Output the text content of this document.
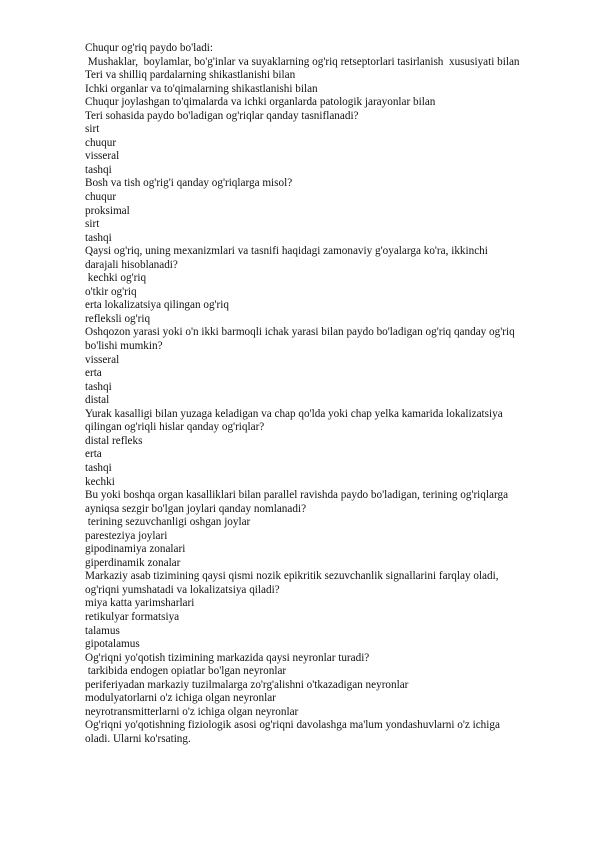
Chuqur og'riq paydo bo'ladi:
Mushaklar,  boylamlar, bo'g'inlar va suyaklarning og'riq retseptorlari tasirlanish  xususiyati bilan
Teri va shilliq pardalarning shikastlanishi bilan
Ichki organlar va to'qimalarning shikastlanishi bilan
Chuqur joylashgan to'qimalarda va ichki organlarda patologik jarayonlar bilan
Teri sohasida paydo bo'ladigan og'riqlar qanday tasniflanadi?
sirt
chuqur
visseral
tashqi
Bosh va tish og'rig'i qanday og'riqlarga misol?
chuqur
proksimal
sirt
tashqi
Qaysi og'riq, uning mexanizmlari va tasnifi haqidagi zamonaviy g'oyalarga ko'ra, ikkinchi
darajali hisoblanadi?
kechki og'riq
o'tkir og'riq
erta lokalizatsiya qilingan og'riq
refleksli og'riq
Oshqozon yarasi yoki o'n ikki barmoqli ichak yarasi bilan paydo bo'ladigan og'riq qanday og'riq
bo'lishi mumkin?
visseral
erta
tashqi
distal
Yurak kasalligi bilan yuzaga keladigan va chap qo'lda yoki chap yelka kamarida lokalizatsiya
qilingan og'riqli hislar qanday og'riqlar?
distal refleks
erta
tashqi
kechki
Bu yoki boshqa organ kasalliklari bilan parallel ravishda paydo bo'ladigan, terining og'riqlarga
ayniqsa sezgir bo'lgan joylari qanday nomlanadi?
terining sezuvchanligi oshgan joylar
paresteziya joylari
gipodinamiya zonalari
giperdinamik zonalar
Markaziy asab tizimining qaysi qismi nozik epikritik sezuvchanlik signallarini farqlay oladi,
og'riqni yumshatadi va lokalizatsiya qiladi?
miya katta yarimsharlari
retikulyar formatsiya
talamus
gipotalamus
Og'riqni yo'qotish tizimining markazida qaysi neyronlar turadi?
tarkibida endogen opiatlar bo'lgan neyronlar
periferiyadan markaziy tuzilmalarga zo'rg'alishni o'tkazadigan neyronlar
modulyatorlarni o'z ichiga olgan neyronlar
neyrotransmitterlarni o'z ichiga olgan neyronlar
Og'riqni yo'qotishning fiziologik asosi og'riqni davolashga ma'lum yondashuvlarni o'z ichiga
oladi. Ularni ko'rsating.
